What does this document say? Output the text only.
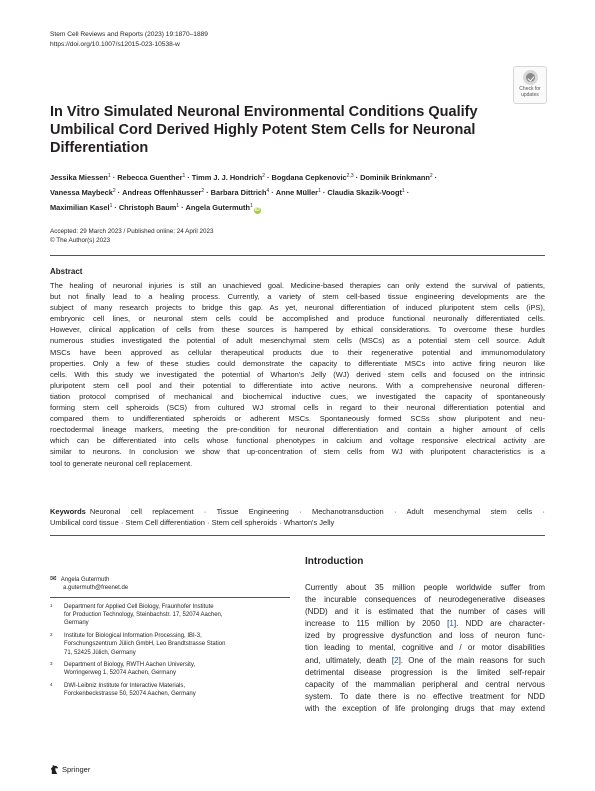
Stem Cell Reviews and Reports (2023) 19:1870–1889
https://doi.org/10.1007/s12015-023-10538-w
Check for
updates
In Vitro Simulated Neuronal Environmental Conditions Qualify
Umbilical Cord Derived Highly Potent Stem Cells for Neuronal
Differentiation
Jessika Miessen$^1$ · Rebecca Guenther$^1$ · Timm J. J. Hondrich$^2$ · Bogdana Cepkenovic$^{2,3}$ · Dominik Brinkmann$^2$ ·
Vanessa Maybeck$^2$ · Andreas Offenhäusser$^2$ · Barbara Dittrich$^4$ · Anne Müller$^1$ · Claudia Skazik-Voogt$^1$ ·
Maximilian Kasel$^1$ · Christoph Baum$^1$ · Angela Gutermuth$^1$iD
Accepted: 29 March 2023 / Published online: 24 April 2023
© The Author(s) 2023
Abstract
The healing of neuronal injuries is still an unachieved goal. Medicine-based therapies can only extend the survival of patients,
but not finally lead to a healing process. Currently, a variety of stem cell-based tissue engineering developments are the
subject of many research projects to bridge this gap. As yet, neuronal differentiation of induced pluripotent stem cells (iPS),
embryonic cell lines, or neuronal stem cells could be accomplished and produce functional neuronally differentiated cells.
However, clinical application of cells from these sources is hampered by ethical considerations. To overcome these hurdles
numerous studies investigated the potential of adult mesenchymal stem cells (MSCs) as a potential stem cell source. Adult
MSCs have been approved as cellular therapeutical products due to their regenerative potential and immunomodulatory
properties. Only a few of these studies could demonstrate the capacity to differentiate MSCs into active firing neuron like
cells. With this study we investigated the potential of Wharton's Jelly (WJ) derived stem cells and focused on the intrinsic
pluripotent stem cell pool and their potential to differentiate into active neurons. With a comprehensive neuronal differen-
tiation protocol comprised of mechanical and biochemical inductive cues, we investigated the capacity of spontaneously
forming stem cell spheroids (SCS) from cultured WJ stromal cells in regard to their neuronal differentiation potential and
compared them to undifferentiated spheroids or adherent MSCs. Spontaneously formed SCSs show pluripotent and neu-
roectodermal lineage markers, meeting the pre-condition for neuronal differentiation and contain a higher amount of cells
which can be differentiated into cells whose functional phenotypes in calcium and voltage responsive electrical activity are
similar to neurons. In conclusion we show that up-concentration of stem cells from WJ with pluripotent characteristics is a
tool to generate neuronal cell replacement.
Keywords Neuronal cell replacement · Tissue Engineering · Mechanotransduction · Adult mesenchymal stem cells ·
Umbilical cord tissue · Stem Cell differentiation · Stem cell spheroids · Wharton's Jelly
Introduction
Currently about 35 million people worldwide suffer from
the incurable consequences of neurodegenerative diseases
(NDD) and it is estimated that the number of cases will
increase to 115 million by 2050 [1]. NDD are character-
ized by progressive dysfunction and loss of neuron func-
tion leading to mental, cognitive and / or motor disabilities
and, ultimately, death [2]. One of the main reasons for such
detrimental disease progression is the limited self-repair
capacity of the mammalian peripheral and central nervous
system. To date there is no effective treatment for NDD
with the exception of life prolonging drugs that may extend
✉ Angela Gutermuth
a.gutermuth@freenet.de
1 Department for Applied Cell Biology, Fraunhofer Institute
for Production Technology, Steinbachstr. 17, 52074 Aachen,
Germany
2 Institute for Biological Information Processing, IBI-3,
Forschungszentrum Jülich GmbH, Leo Brandtstrasse Station
71, 52425 Jülich, Germany
3 Department of Biology, RWTH Aachen University,
Worringerweg 1, 52074 Aachen, Germany
4 DWI-Leibniz Institute for Interactive Materials,
Forckenbeckstrasse 50, 52074 Aachen, Germany
Springer
